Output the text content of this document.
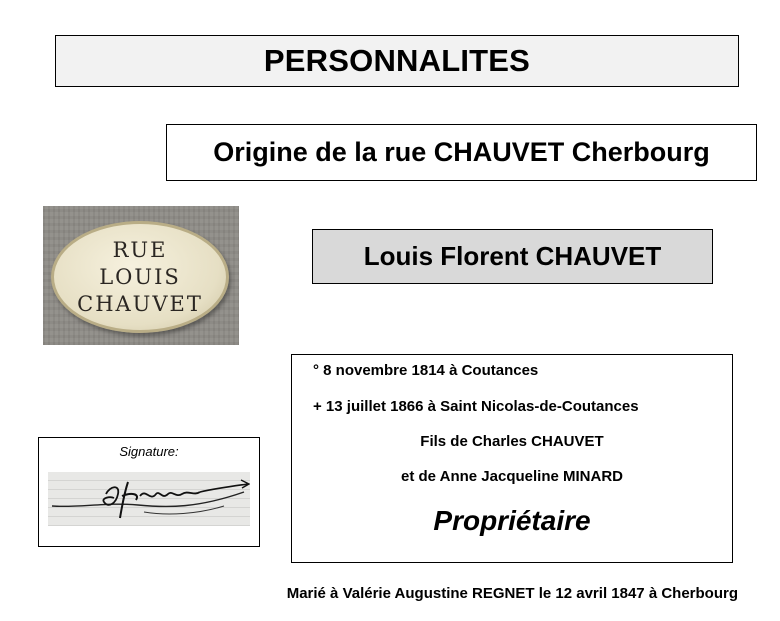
PERSONNALITES
Origine de la rue CHAUVET Cherbourg
RUE
LOUIS
CHAUVET
Louis Florent CHAUVET
° 8 novembre 1814 à Coutances
+ 13 juillet 1866 à Saint Nicolas-de-Coutances
Fils de Charles CHAUVET
et de Anne Jacqueline MINARD
Propriétaire
Signature:
Marié à Valérie Augustine REGNET le 12 avril 1847 à Cherbourg
